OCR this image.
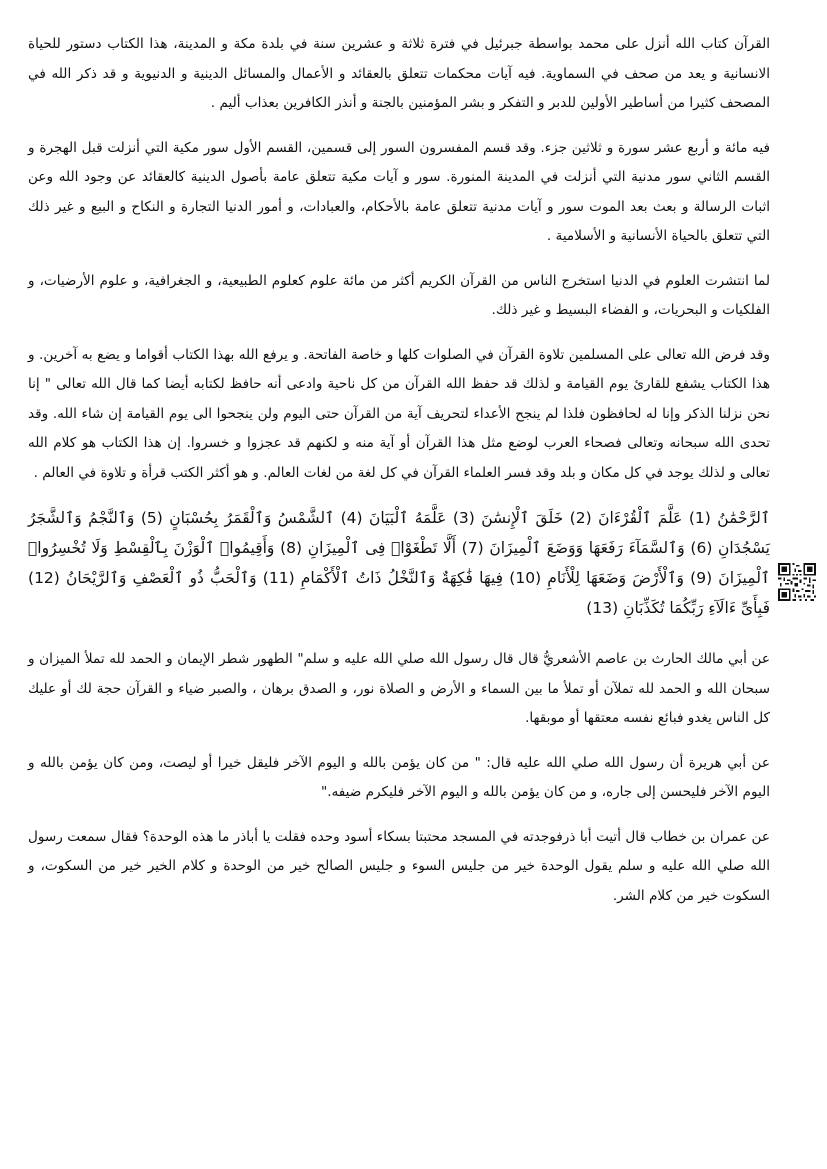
القرآن كتاب الله أنزل على محمد بواسطة جبرئيل في فترة ثلاثة و عشرين سنة في بلدة مكة و المدينة، هذا الكتاب دستور للحياة الانسانية و يعد من صحف في السماوية. فيه آيات محكمات تتعلق بالعقائد و الأعمال والمسائل الدينية و الدنيوية و قد ذكر الله في المصحف كثيرا من أساطير الأولين للدبر و التفكر و بشر المؤمنين بالجنة و أنذر الكافرين بعذاب أليم .

فيه مائة و أربع عشر سورة و ثلاثين جزء. وقد قسم المفسرون السور إلى قسمين، القسم الأول سور مكية التي أنزلت قبل الهجرة و القسم الثاني سور مدنية التي أنزلت في المدينة المنورة. سور و آيات مكية تتعلق عامة بأصول الدينية كالعقائد عن وجود الله وعن اثبات الرسالة و بعث بعد الموت سور و آيات مدنية تتعلق عامة بالأحكام، والعبادات، و أمور الدنيا التجارة و النكاح و البيع و غير ذلك التي تتعلق بالحياة الأنسانية و الأسلامية .

لما انتشرت العلوم في الدنيا استخرج الناس من القرآن الكريم أكثر من مائة علوم كعلوم الطبيعية، و الجغرافية، و علوم الأرضيات، و الفلكيات و البحريات، و الفضاء البسيط و غير ذلك.

وقد فرض الله تعالى على المسلمين تلاوة القرآن في الصلوات كلها و خاصة الفاتحة. و يرفع الله بهذا الكتاب أقواما و يضع به آخرين. و هذا الكتاب يشفع للقارئ يوم القيامة و لذلك قد حفظ الله القرآن من كل ناحية وادعى أنه حافظ لكتابه أيضا كما قال الله تعالى " إنا نحن نزلنا الذكر وإنا له لحافظون فلذا لم ينجح الأعداء لتحريف آية من القرآن حتى اليوم ولن ينجحوا الى يوم القيامة إن شاء الله. وقد تحدى الله سبحانه وتعالى فصحاء العرب لوضع مثل هذا القرآن أو آية منه و لكنهم قد عجزوا و خسروا. إن هذا الكتاب هو كلام الله تعالى و لذلك يوجد في كل مكان و بلد وقد فسر العلماء القرآن في كل لغة من لغات العالم. و هو أكثر الكتب قرأة و تلاوة في العالم .

ٱلرَّحْمَٰنُ (1) عَلَّمَ ٱلْقُرْءَانَ (2) خَلَقَ ٱلْإِنسَٰنَ (3) عَلَّمَهُ ٱلْبَيَانَ (4) ٱلشَّمْسُ وَٱلْقَمَرُ بِحُسْبَانٍ (5) وَٱلنَّجْمُ وَٱلشَّجَرُ يَسْجُدَانِ (6) وَٱلسَّمَآءَ رَفَعَهَا وَوَضَعَ ٱلْمِيزَانَ (7) أَلَّا تَطْغَوْا۟ فِى ٱلْمِيزَانِ (8) وَأَقِيمُوا۟ ٱلْوَزْنَ بِٱلْقِسْطِ وَلَا تُخْسِرُوا۟ ٱلْمِيزَانَ (9) وَٱلْأَرْضَ وَضَعَهَا لِلْأَنَامِ (10) فِيهَا فَٰكِهَةٌ وَٱلنَّخْلُ ذَاتُ ٱلْأَكْمَامِ (11) وَٱلْحَبُّ ذُو ٱلْعَصْفِ وَٱلرَّيْحَانُ (12) فَبِأَىِّ ءَالَآءِ رَبِّكُمَا تُكَذِّبَانِ (13)

عن أبي مالك الحارث بن عاصم الأشعريُّ قال قال رسول الله صلي الله عليه و سلم" الطهور شطر الإيمان و الحمد لله تملأ الميزان و سبحان الله و الحمد لله تملآن أو تملأ ما بين السماء و الأرض و الصلاة نور، و الصدق برهان ، والصبر ضياء و القرآن حجة لك أو عليك كل الناس يغدو فبائع نفسه معتقها أو موبقها.

عن أبي هريرة أن رسول الله صلي الله عليه قال: " من كان يؤمن بالله و اليوم الآخر فليقل خيرا أو ليصت، ومن كان يؤمن بالله و اليوم الآخر فليحسن إلى جاره، و من كان يؤمن بالله و اليوم الآخر فليكرم ضيفه."

عن عمران بن خطاب قال أتيت أبا ذرفوجدته في المسجد محتبتا بسكاء أسود وحده فقلت يا أباذر ما هذه الوحدة؟ فقال سمعت رسول الله صلي الله عليه و سلم يقول الوحدة خير من جليس السوء و جليس الصالح خير من الوحدة و كلام الخير خير من السكوت، و السكوت خير من كلام الشر.
